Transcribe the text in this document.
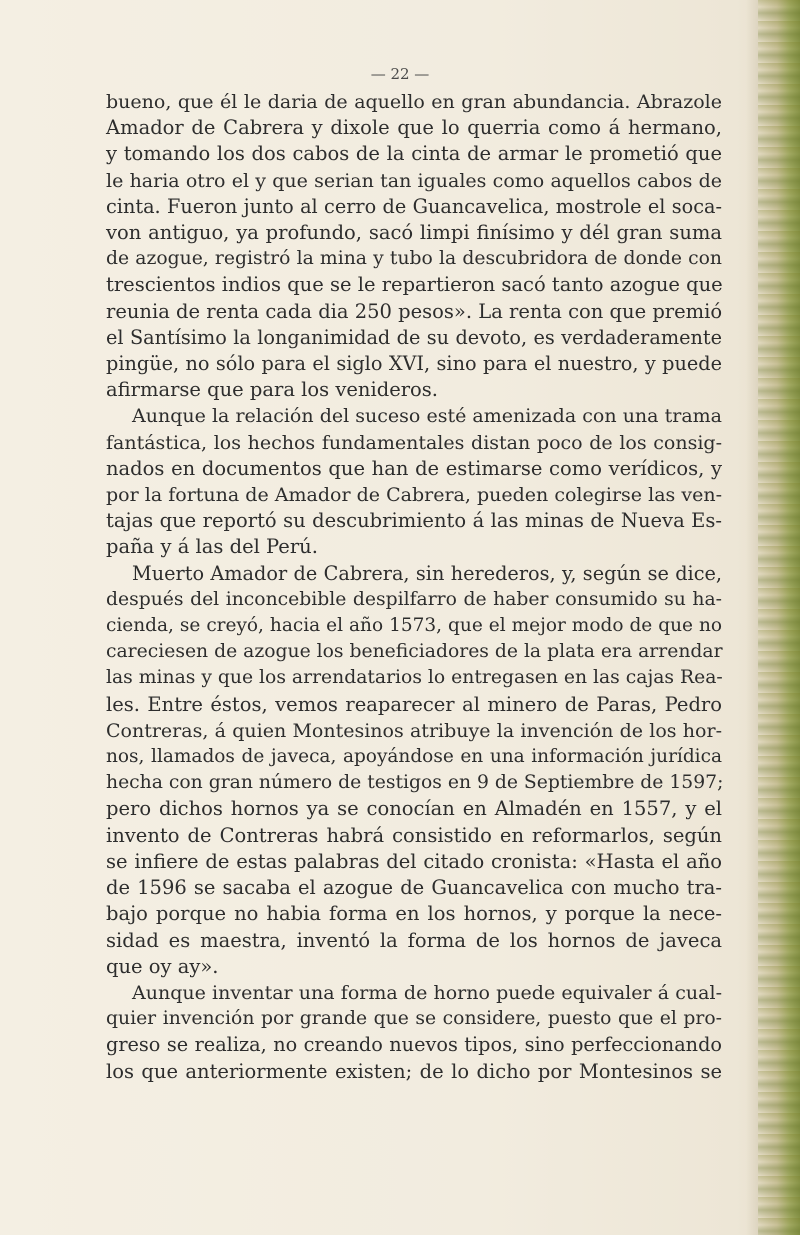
— 22 —

bueno, que él le daria de aquello en gran abundancia. Abrazole
Amador de Cabrera y dixole que lo querria como á hermano,
y tomando los dos cabos de la cinta de armar le prometió que
le haria otro el y que serian tan iguales como aquellos cabos de
cinta. Fueron junto al cerro de Guancavelica, mostrole el soca-
von antiguo, ya profundo, sacó limpi finísimo y dél gran suma
de azogue, registró la mina y tubo la descubridora de donde con
trescientos indios que se le repartieron sacó tanto azogue que
reunia de renta cada dia 250 pesos». La renta con que premió
el Santísimo la longanimidad de su devoto, es verdaderamente
pingüe, no sólo para el siglo XVI, sino para el nuestro, y puede
afirmarse que para los venideros.
Aunque la relación del suceso esté amenizada con una trama
fantástica, los hechos fundamentales distan poco de los consig-
nados en documentos que han de estimarse como verídicos, y
por la fortuna de Amador de Cabrera, pueden colegirse las ven-
tajas que reportó su descubrimiento á las minas de Nueva Es-
paña y á las del Perú.
Muerto Amador de Cabrera, sin herederos, y, según se dice,
después del inconcebible despilfarro de haber consumido su ha-
cienda, se creyó, hacia el año 1573, que el mejor modo de que no
careciesen de azogue los beneficiadores de la plata era arrendar
las minas y que los arrendatarios lo entregasen en las cajas Rea-
les. Entre éstos, vemos reaparecer al minero de Paras, Pedro
Contreras, á quien Montesinos atribuye la invención de los hor-
nos, llamados de javeca, apoyándose en una información jurídica
hecha con gran número de testigos en 9 de Septiembre de 1597;
pero dichos hornos ya se conocían en Almadén en 1557, y el
invento de Contreras habrá consistido en reformarlos, según
se infiere de estas palabras del citado cronista: «Hasta el año
de 1596 se sacaba el azogue de Guancavelica con mucho tra-
bajo porque no habia forma en los hornos, y porque la nece-
sidad es maestra, inventó la forma de los hornos de javeca
que oy ay».
Aunque inventar una forma de horno puede equivaler á cual-
quier invención por grande que se considere, puesto que el pro-
greso se realiza, no creando nuevos tipos, sino perfeccionando
los que anteriormente existen; de lo dicho por Montesinos se
